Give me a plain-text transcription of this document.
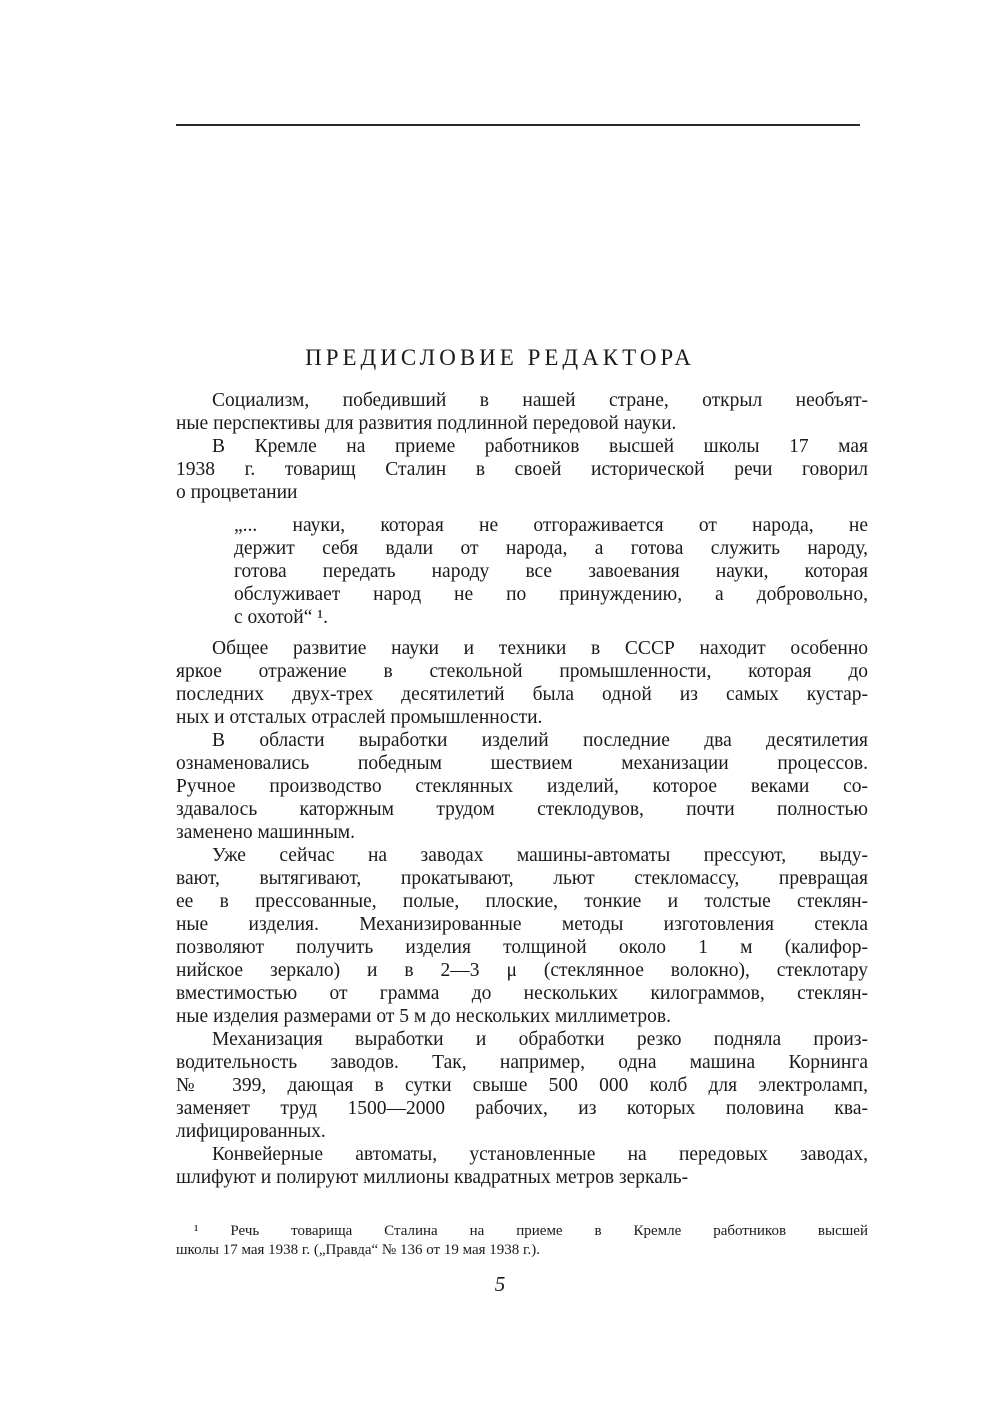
ПРЕДИСЛОВИЕ РЕДАКТОРА
Социализм, победивший в нашей стране, открыл необъят-
ные перспективы для развития подлинной передовой науки.
В Кремле на приеме работников высшей школы 17 мая
1938 г. товарищ Сталин в своей исторической речи говорил
о процветании
„... науки, которая не отгораживается от народа, не
держит себя вдали от народа, а готова служить народу,
готова передать народу все завоевания науки, которая
обслуживает народ не по принуждению, а добровольно,
с охотой“ ¹.
Общее развитие науки и техники в СССР находит особенно
яркое отражение в стекольной промышленности, которая до
последних двух-трех десятилетий была одной из самых кустар-
ных и отсталых отраслей промышленности.
В области выработки изделий последние два десятилетия
ознаменовались победным шествием механизации процессов.
Ручное производство стеклянных изделий, которое веками со-
здавалось каторжным трудом стеклодувов, почти полностью
заменено машинным.
Уже сейчас на заводах машины-автоматы прессуют, выду-
вают, вытягивают, прокатывают, льют стекломассу, превращая
ее в прессованные, полые, плоские, тонкие и толстые стеклян-
ные изделия. Механизированные методы изготовления стекла
позволяют получить изделия толщиной около 1 м (калифор-
нийское зеркало) и в 2—3 μ (стеклянное волокно), стеклотару
вместимостью от грамма до нескольких килограммов, стеклян-
ные изделия размерами от 5 м до нескольких миллиметров.
Механизация выработки и обработки резко подняла произ-
водительность заводов. Так, например, одна машина Корнинга
№ 399, дающая в сутки свыше 500 000 колб для электроламп,
заменяет труд 1500—2000 рабочих, из которых половина ква-
лифицированных.
Конвейерные автоматы, установленные на передовых заводах,
шлифуют и полируют миллионы квадратных метров зеркаль-
¹ Речь товарища Сталина на приеме в Кремле работников высшей
школы 17 мая 1938 г. („Правда“ № 136 от 19 мая 1938 г.).
5
